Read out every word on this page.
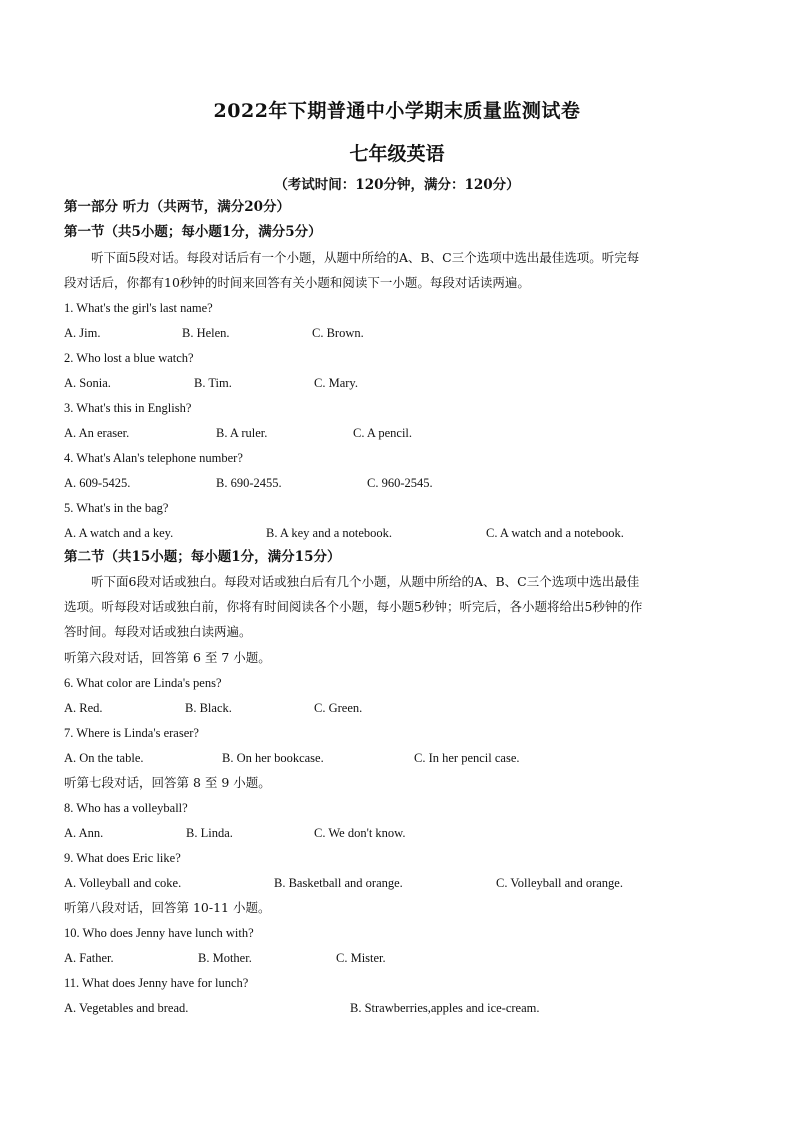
2022年下期普通中小学期末质量监测试卷
七年级英语
（考试时间：120分钟，满分：120分）
第一部分 听力（共两节，满分20分）
第一节（共5小题；每小题1分，满分5分）
听下面5段对话。每段对话后有一个小题，从题中所给的A、B、C三个选项中选出最佳选项。听完每
段对话后，你都有10秒钟的时间来回答有关小题和阅读下一小题。每段对话读两遍。
1. What's the girl's last name?
A. Jim.	B. Helen.	C. Brown.
2. Who lost a blue watch?
A. Sonia.	B. Tim.	C. Mary.
3. What's this in English?
A. An eraser.	B. A ruler.	C. A pencil.
4. What's Alan's telephone number?
A. 609-5425.	B. 690-2455.	C. 960-2545.
5. What's in the bag?
A. A watch and a key.	B. A key and a notebook.	C. A watch and a notebook.
第二节（共15小题；每小题1分，满分15分）
听下面6段对话或独白。每段对话或独白后有几个小题，从题中所给的A、B、C三个选项中选出最佳
选项。听每段对话或独白前，你将有时间阅读各个小题，每小题5秒钟；听完后，各小题将给出5秒钟的作
答时间。每段对话或独白读两遍。
听第六段对话，回答第 6 至 7 小题。
6. What color are Linda's pens?
A. Red.	B. Black.	C. Green.
7. Where is Linda's eraser?
A. On the table.	B. On her bookcase.	C. In her pencil case.
听第七段对话，回答第 8 至 9 小题。
8. Who has a volleyball?
A. Ann.	B. Linda.	C. We don't know.
9. What does Eric like?
A. Volleyball and coke.	B. Basketball and orange.	C. Volleyball and orange.
听第八段对话，回答第 10-11 小题。
10. Who does Jenny have lunch with?
A. Father.	B. Mother.	C. Mister.
11. What does Jenny have for lunch?
A. Vegetables and bread.	B. Strawberries,apples and ice-cream.
